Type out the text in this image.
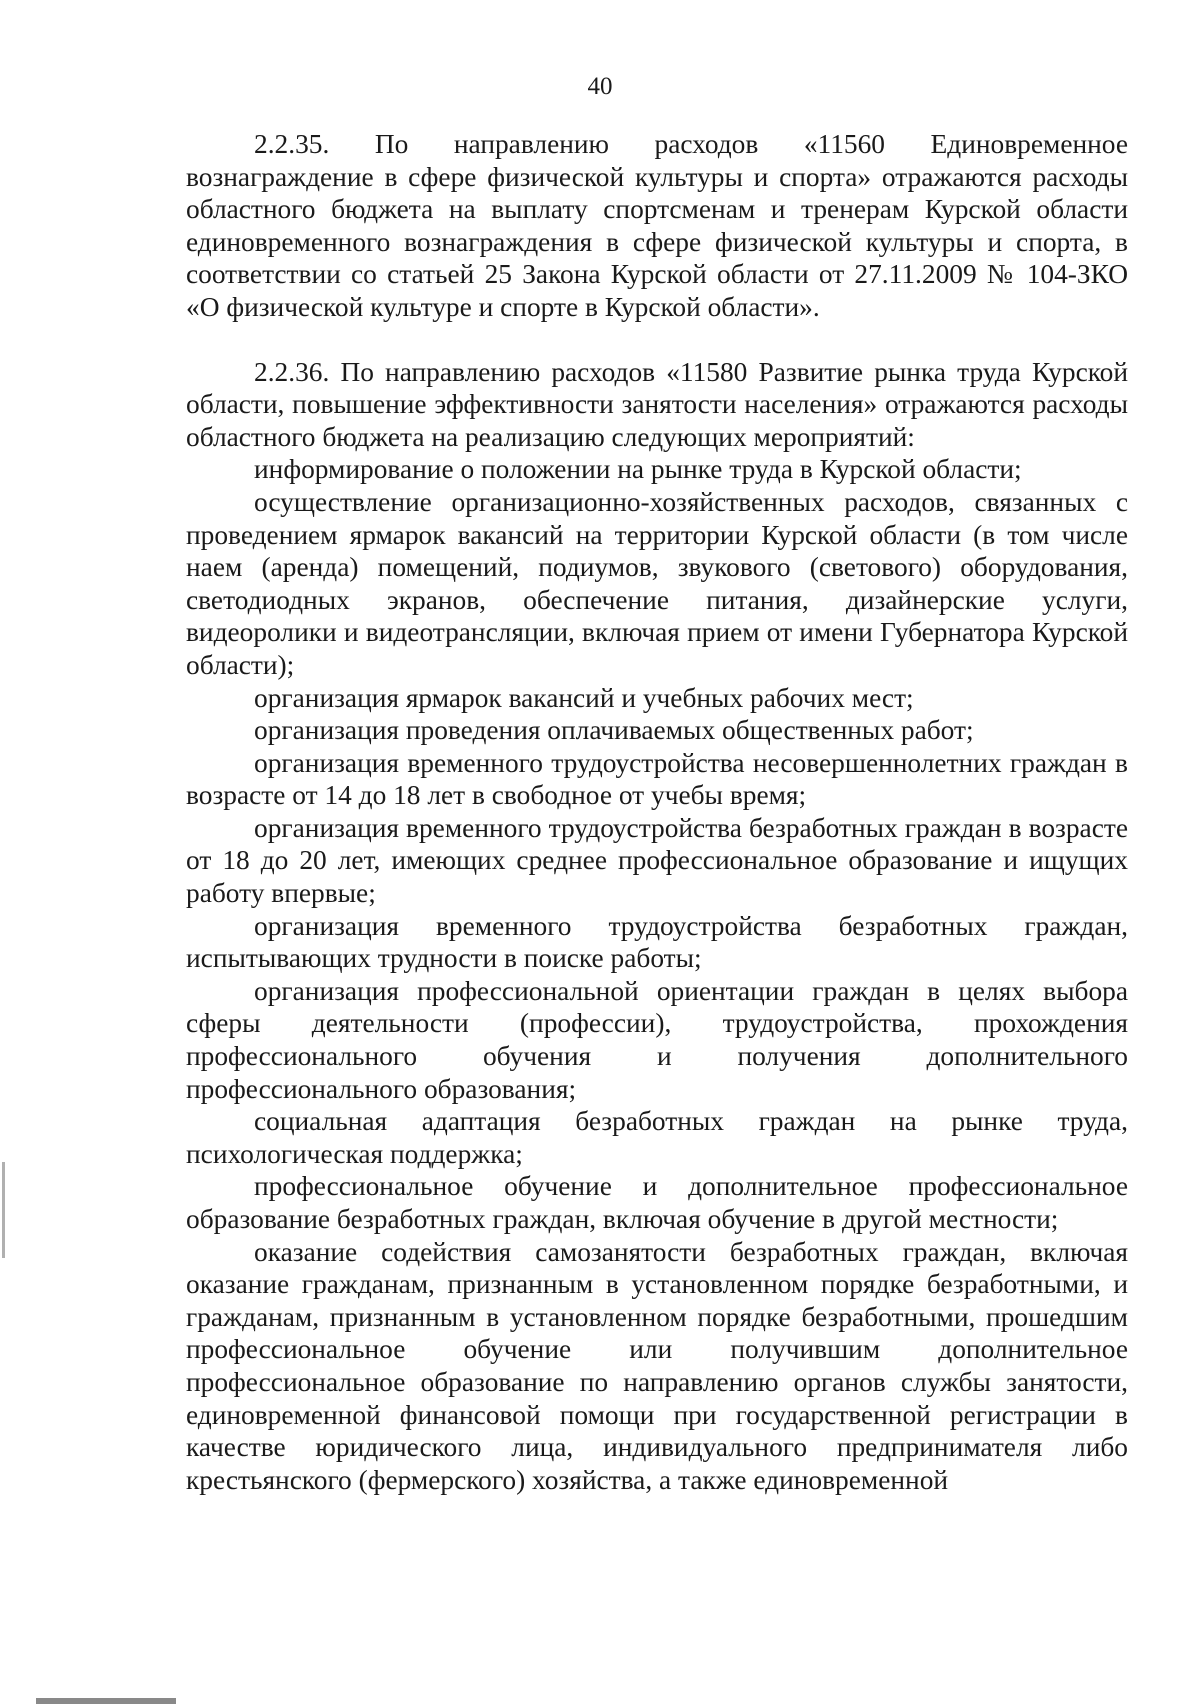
40

2.2.35. По направлению расходов «11560 Единовременное вознаграждение в сфере физической культуры и спорта» отражаются расходы областного бюджета на выплату спортсменам и тренерам Курской области единовременного вознаграждения в сфере физической культуры и спорта, в соответствии со статьей 25 Закона Курской области от 27.11.2009 № 104-ЗКО «О физической культуре и спорте в Курской области».

2.2.36. По направлению расходов «11580 Развитие рынка труда Курской области, повышение эффективности занятости населения» отражаются расходы областного бюджета на реализацию следующих мероприятий:

информирование о положении на рынке труда в Курской области;

осуществление организационно-хозяйственных расходов, связанных с проведением ярмарок вакансий на территории Курской области (в том числе наем (аренда) помещений, подиумов, звукового (светового) оборудования, светодиодных экранов, обеспечение питания, дизайнерские услуги, видеоролики и видеотрансляции, включая прием от имени Губернатора Курской области);

организация ярмарок вакансий и учебных рабочих мест;

организация проведения оплачиваемых общественных работ;

организация временного трудоустройства несовершеннолетних граждан в возрасте от 14 до 18 лет в свободное от учебы время;

организация временного трудоустройства безработных граждан в возрасте от 18 до 20 лет, имеющих среднее профессиональное образование и ищущих работу впервые;

организация временного трудоустройства безработных граждан, испытывающих трудности в поиске работы;

организация профессиональной ориентации граждан в целях выбора сферы деятельности (профессии), трудоустройства, прохождения профессионального обучения и получения дополнительного профессионального образования;

социальная адаптация безработных граждан на рынке труда, психологическая поддержка;

профессиональное обучение и дополнительное профессиональное образование безработных граждан, включая обучение в другой местности;

оказание содействия самозанятости безработных граждан, включая оказание гражданам, признанным в установленном порядке безработными, и гражданам, признанным в установленном порядке безработными, прошедшим профессиональное обучение или получившим дополнительное профессиональное образование по направлению органов службы занятости, единовременной финансовой помощи при государственной регистрации в качестве юридического лица, индивидуального предпринимателя либо крестьянского (фермерского) хозяйства, а также единовременной
